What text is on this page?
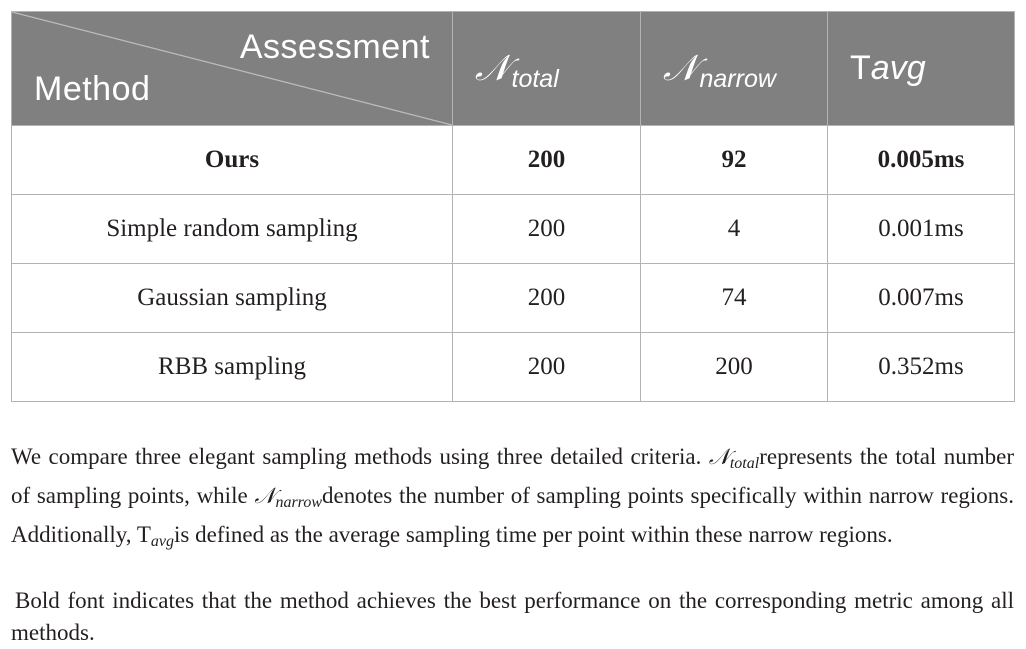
Assessment
Method	𝒩$_{total}$	𝒩$_{narrow}$	Tavg
Ours	200	92	0.005ms
Simple random sampling	200	4	0.001ms
Gaussian sampling	200	74	0.007ms
RBB sampling	200	200	0.352ms

We compare three elegant sampling methods using three detailed criteria. 𝒩$_{total}$represents the total number of sampling points, while 𝒩$_{narrow}$denotes the number of sampling points specifically within narrow regions. Additionally, $T_{avg}is$ defined as the average sampling time per point within these narrow regions.

Bold font indicates that the method achieves the best performance on the corresponding metric among all methods.
